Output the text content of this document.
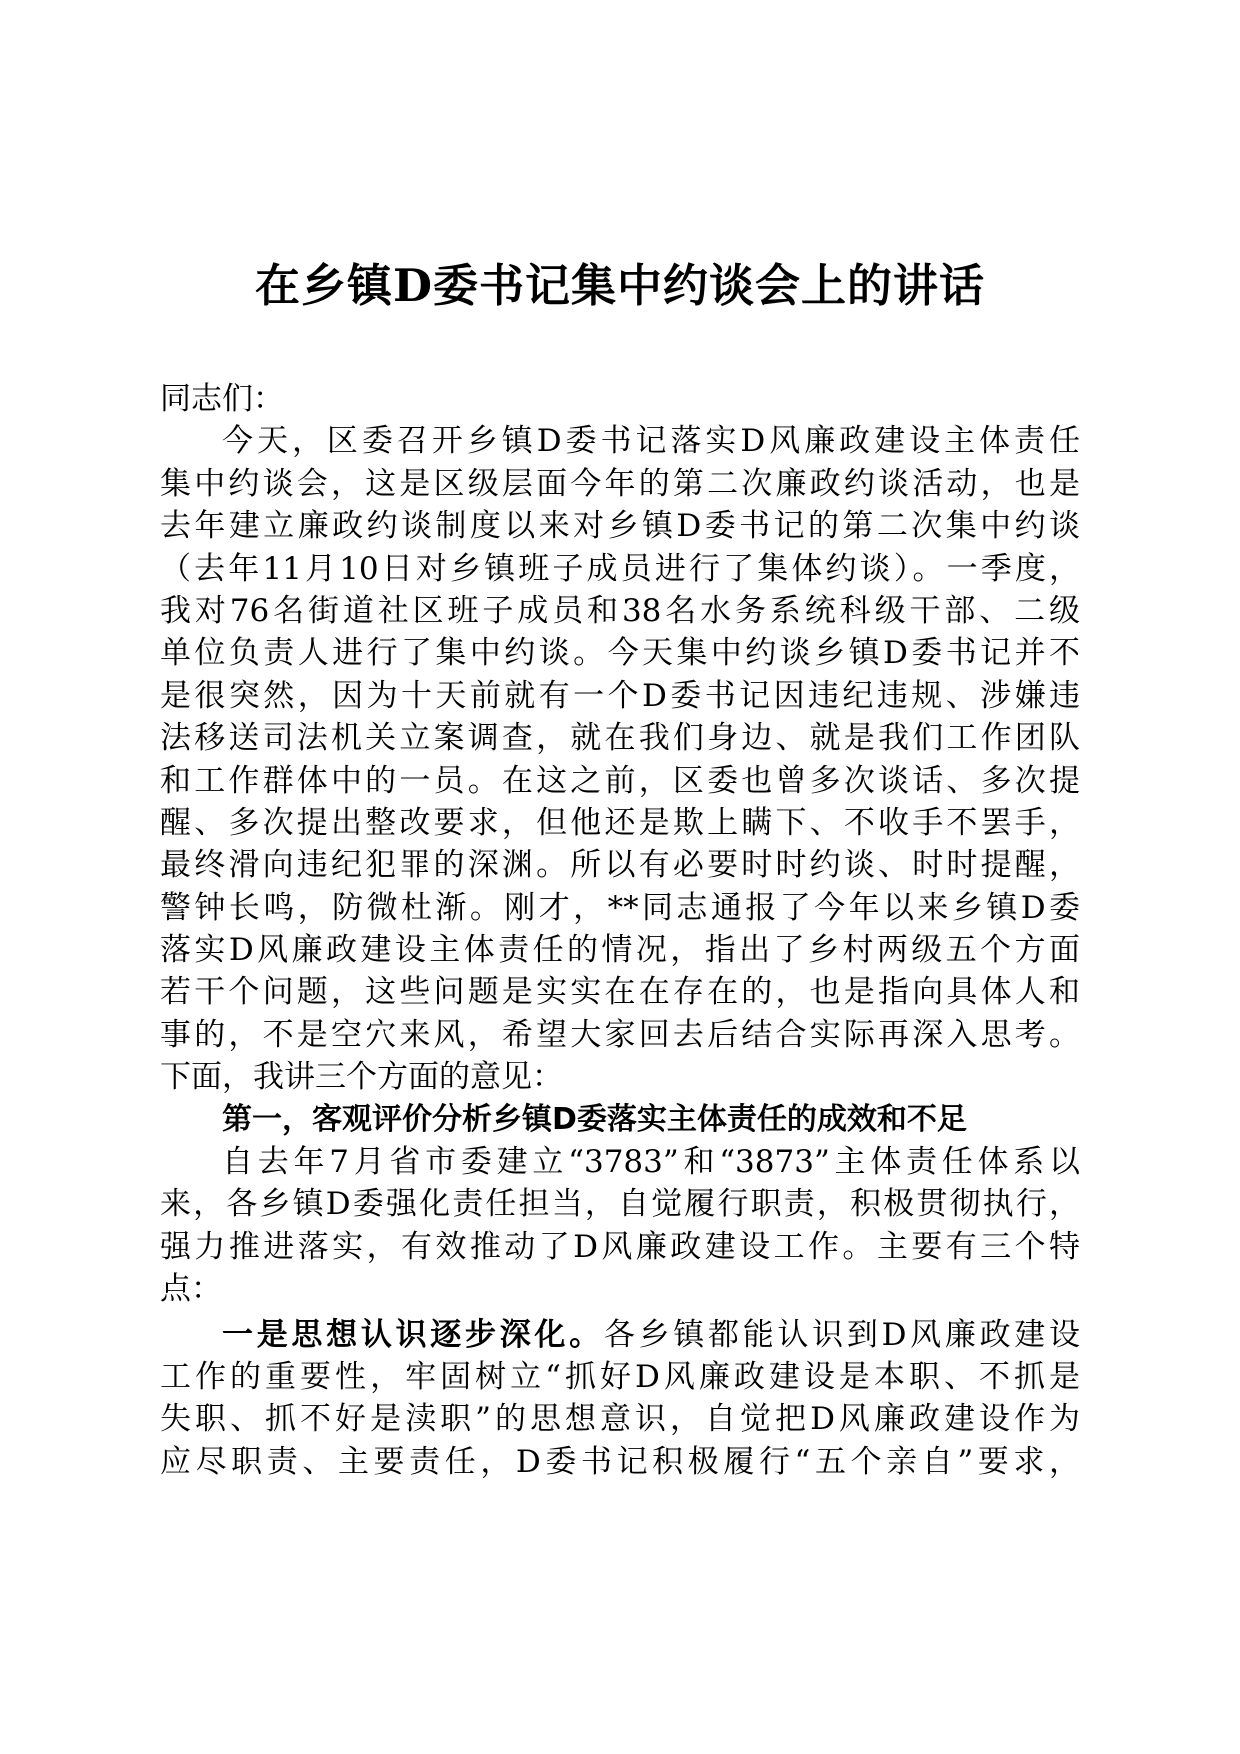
在乡镇D委书记集中约谈会上的讲话
同志们：
今天，区委召开乡镇D委书记落实D风廉政建设主体责任
集中约谈会，这是区级层面今年的第二次廉政约谈活动，也是
去年建立廉政约谈制度以来对乡镇D委书记的第二次集中约谈
（去年11月10日对乡镇班子成员进行了集体约谈）。一季度，
我对76名街道社区班子成员和38名水务系统科级干部、二级
单位负责人进行了集中约谈。今天集中约谈乡镇D委书记并不
是很突然，因为十天前就有一个D委书记因违纪违规、涉嫌违
法移送司法机关立案调查，就在我们身边、就是我们工作团队
和工作群体中的一员。在这之前，区委也曾多次谈话、多次提
醒、多次提出整改要求，但他还是欺上瞒下、不收手不罢手，
最终滑向违纪犯罪的深渊。所以有必要时时约谈、时时提醒，
警钟长鸣，防微杜渐。刚才，**同志通报了今年以来乡镇D委
落实D风廉政建设主体责任的情况，指出了乡村两级五个方面
若干个问题，这些问题是实实在在存在的，也是指向具体人和
事的，不是空穴来风，希望大家回去后结合实际再深入思考。
下面，我讲三个方面的意见：
第一，客观评价分析乡镇D委落实主体责任的成效和不足
自去年7月省市委建立“3783”和“3873”主体责任体系以
来，各乡镇D委强化责任担当，自觉履行职责，积极贯彻执行，
强力推进落实，有效推动了D风廉政建设工作。主要有三个特
点：
一是思想认识逐步深化。各乡镇都能认识到D风廉政建设
工作的重要性，牢固树立“抓好D风廉政建设是本职、不抓是
失职、抓不好是渎职”的思想意识，自觉把D风廉政建设作为
应尽职责、主要责任，D委书记积极履行“五个亲自”要求，
